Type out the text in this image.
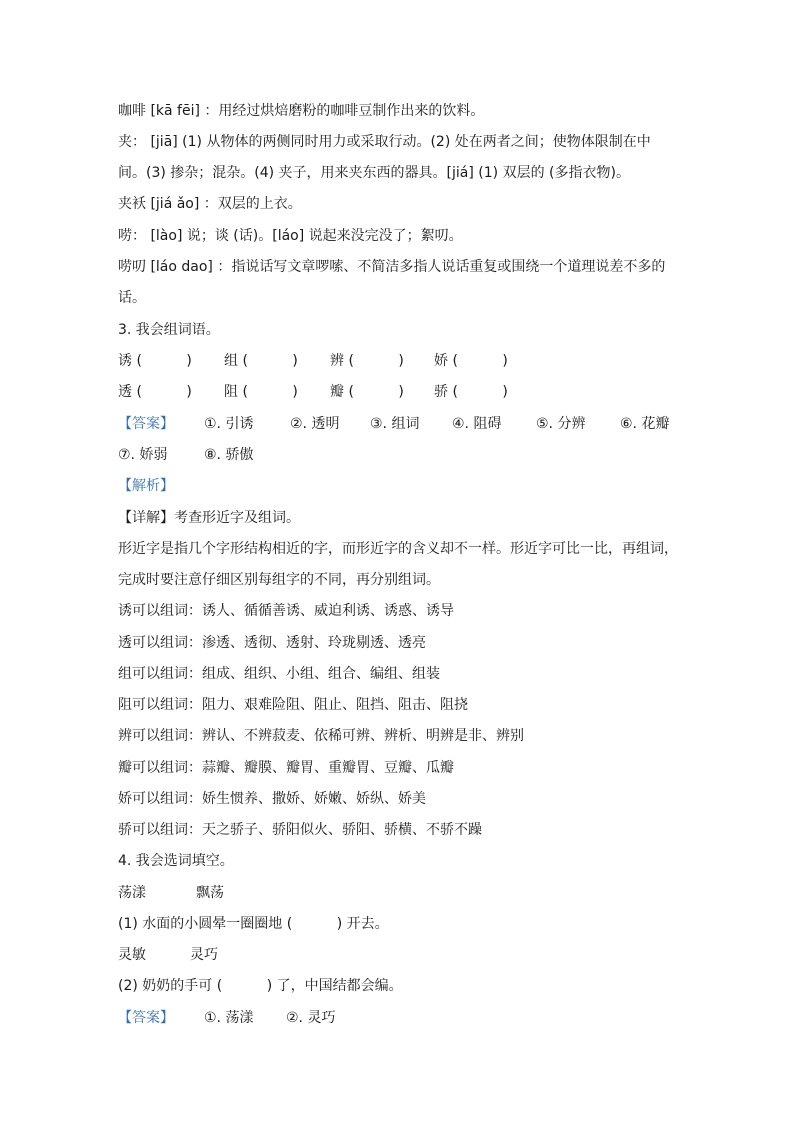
咖啡 [kā fēi] ：用经过烘焙磨粉的咖啡豆制作出来的饮料。
夹： [jiā] (1) 从物体的两侧同时用力或采取行动。(2) 处在两者之间；使物体限制在中
间。(3) 掺杂；混杂。(4) 夹子，用来夹东西的器具。[jiá] (1) 双层的 (多指衣物)。
夹袄 [jiá ǎo] ：双层的上衣。
唠： [lào] 说；谈 (话)。[láo] 说起来没完没了；絮叨。
唠叨 [láo dao] ：指说话写文章啰嗦、不简洁多指人说话重复或围绕一个道理说差不多的
话。
3. 我会组词语。
诱 (          ) 组 (          ) 辨 (          ) 娇 (          )
透 (          ) 阻 (          ) 瓣 (          ) 骄 (          )
【答案】 ①. 引诱	②. 透明 ③. 组词 ④. 阻碍 ⑤. 分辨 ⑥. 花瓣
⑦. 娇弱	⑧. 骄傲
【解析】
【详解】考查形近字及组词。
形近字是指几个字形结构相近的字，而形近字的含义却不一样。形近字可比一比，再组词，
完成时要注意仔细区别每组字的不同，再分别组词。
诱可以组词：诱人、循循善诱、威迫利诱、诱惑、诱导
透可以组词：渗透、透彻、透射、玲珑剔透、透亮
组可以组词：组成、组织、小组、组合、编组、组装
阻可以组词：阻力、艰难险阻、阻止、阻挡、阻击、阻挠
辨可以组词：辨认、不辨菽麦、依稀可辨、辨析、明辨是非、辨别
瓣可以组词：蒜瓣、瓣膜、瓣胃、重瓣胃、豆瓣、瓜瓣
娇可以组词：娇生惯养、撒娇、娇嫩、娇纵、娇美
骄可以组词：天之骄子、骄阳似火、骄阳、骄横、不骄不躁
4. 我会选词填空。
荡漾	飘荡
(1) 水面的小圆晕一圈圈地 (          ) 开去。
灵敏	灵巧
(2) 奶奶的手可 (          ) 了，中国结都会编。
【答案】 ①. 荡漾 ②. 灵巧
